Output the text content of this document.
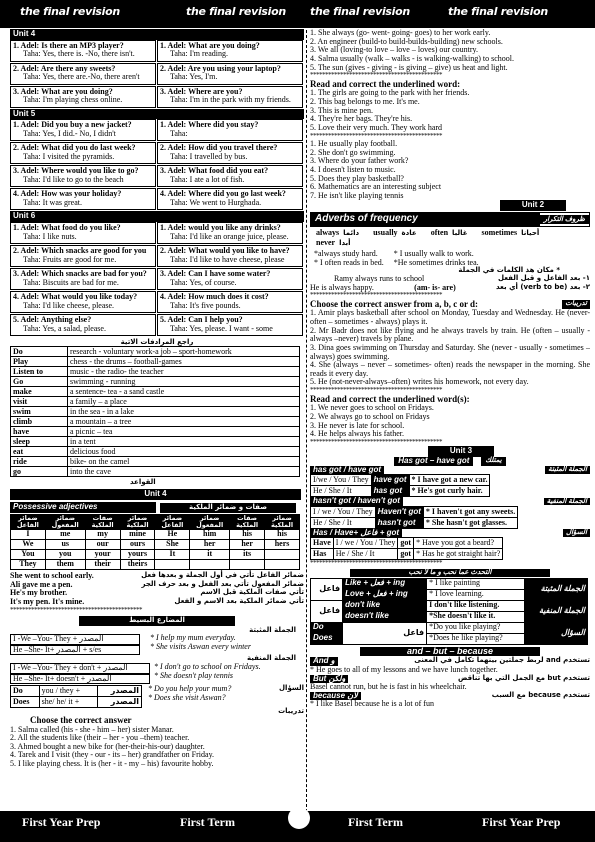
the final revision	the final revision the final revision	the final revision
Unit 4
1. Adel: Is there an MP3 player?
Taha: Yes, there is. -No, there isn't.
1. Adel: What are you doing?
Taha: I'm reading.
2. Adel: Are there any sweets?
Taha: Yes, there are.-No, there aren't
2. Adel: Are you using your laptop?
Taha: Yes, I'm.
3. Adel: What are you doing?
Taha: I'm playing chess online.
3. Adel: Where are you?
Taha: I'm in the park with my friends.
Unit 5
1. Adel: Did you buy a new jacket?
Taha: Yes, I did.- No, I didn't
1. Adel: Where did you stay?
Taha:
2. Adel: What did you do last week?
Taha: I visited the pyramids.
2. Adel: How did you travel there?
Taha: I travelled by bus.
3. Adel: Where would you like to go?
Taha: I'd like to go to the beach
3. Adel: What food did you eat?
Taha: I ate a lot of fish.
4. Adel: How was your holiday?
Taha: It was great.
4. Adel: Where did you go last week?
Taha: We went to Hurghada.
Unit 6
1. Adel: What food do you like?
Taha: I like nuts.
1. Adel: would you like any drinks?
Taha: I'd like an orange juice, please.
2. Adel: Which snacks are good for you
Taha: Fruits are good for me.
2. Adel: What would you like to have?
Taha: I'd like to have cheese, please
3. Adel: Which snacks are bad for you?
Taha: Biscuits are bad for me.
3. Adel: Can I have some water?
Taha: Yes, of course.
4. Adel: What would you like today?
Taha: I'd like cheese, please.
4. Adel: How much does it cost?
Taha: It's five pounds.
5. Adel: Anything else?
Taha: Yes, a salad, please.
5. Adel: Can I help you?
Taha: Yes, please. I want - some
راجع المرادفات الاتية
Do	research - voluntary work-a job – sport-homework
Play	chess - the drums – football-games
Listen to	music - the radio- the teacher
Go	swimming - running
make	a sentence- tea - a sand castle
visit	a family – a place
swim	in the sea - in a lake
climb	a mountain – a tree
have	a picnic – tea
sleep	in a tent
eat	delicious food
ride	bike- on the camel
go	into the cave
القواعد
Unit 4
Possessive adjectives	صفات و ضمائر الملكية
ضمائر الفاعل	ضمائر المفعول	صفات الملكية	ضمائر الملكية	ضمائر الفاعل	ضمائر المفعول	صفات الملكية	ضمائر الملكية
I	me	my	mine	He	him	his	his
We	us	our	ours	She	her	her	hers
You	you	your	yours	It	it	its	
They	them	their	theirs				
She went to school early.	ضمائر الفاعل تأتي في أول الجملة و بعدها فعل
Ali gave me a pen.	ضمائر المفعول تأتي بعد الفعل و بعد حرف الجر
He's my brother.	تأتي صفات الملكية قبل الاسم
It's my pen. It's mine.	تأتي ضمائر الملكية بعد الاسم و الفعل
********************************************
المضارع البسيط
الجملة المثبتة
I -We –You- They + المصدر
He –She- It+ المصدر + s/es
* I help my mum everyday.
* She visits Aswan every winter
الجملة المنفية
I -We –You- They + don't + المصدر
He –She- It+ doesn't + المصدر
* I don't go to school on Fridays.
* She doesn't play tennis
Do	you / they +	المصدر
Does	she/ he/ it +	المصدر
* Do you help your mum?
* Does she visit Aswan?
السؤال
تدريبات
Choose the correct answer
1. Salma called (his - she - him – her) sister Manar.
2. All the students like (their – her - you –them) teacher.
3. Ahmed bought a new bike for (her-their-his-our) daughter.
4. Tarek and I visit (they - our - its – her) grandfather on Friday.
5. I like playing chess. It is (her - it - my – his) favourite hobby.
1. She always (go- went- going- goes) to her work early.
2. An engineer (build-to build-builds-building) new schools.
3. We all (loving-to love – love – loves) our country.
4. Salma usually (walk – walks - is walking-walking) to school.
5. The sun (gives - giving - is giving – give) us heat and light.
********************************************
Read and correct the underlined word:
1. The girls are going to the park with her friends.
2. This bag belongs to me. It's me.
3. This is mine pen.
4. They're her bags. They're his.
5. Love their very much. They work hard
********************************************
1. He usually play football.
2. She don't go swimming.
3. Where do your father work?
4. I doesn't listen to music.
5. Does they play basketball?
6. Mathematics are an interesting subject
7. He isn't like playing tennis
Unit 2
Adverbs of frequency	ظروف التكرار
always دائما usually عادة often غالبا sometimes أحيانا
never أبدا
*always study hard.
* I often reads in bed.
* I usually walk to work.
*He sometimes drinks tea.
* مكان هذ الكلمات في الجملة
Ramy always runs to school	١- بعد الفاعل و قبل الفعل
He is always happy.	(am- is- are)	٢- بعد (verb to be) أي بعد
********************************************
Choose the correct answer from a, b, c or d:	تدريبات
1. Amir plays basketball after school on Monday, Tuesday and Wednesday. He (never- often – sometimes - always) plays it.
2. Mr Badr does not like flying and he always travels by train. He (often – usually - always –never) travels by plane.
3. Dina goes swimming on Thursday and Saturday. She (never - usually - sometimes – always) goes swimming.
4. She (always – never – sometimes- often) reads the newspaper in the morning. She reads it every day.
5. He (not-never-always–often) writes his homework, not every day.
********************************************
Read and correct the underlined word(s):
1. We never goes to school on Fridays.
2. We always go to school on Fridays
3. He never is late for school.
4. He helps always his father.
********************************************
Unit 3
Has got – have got	يمتلك
has got / have got	الجملة المثبتة
I/we / You / They	have got	* I have got a new car.
He / She / It	has got	* He's got curly hair.
hasn't got / haven't got	الجملة المنفية
I / we / You / They	Haven't got	* I haven't got any sweets.
He / She / It	hasn't got	* She hasn't got glasses.
Has / Have+ فاعل + got	السؤال
Have	I / we / You / They	got	* Have you got a beard?
Has	He / She / It	got	* Has he got straight hair?
********************************************
التحدث عما نحب و ما لا نحب
فاعل	Like + فعل + ing	* I like painting	الجملة المثبتة
	Love + فعل + ing	* I love learning.	
فاعل	don't like	I don't like listening.	الجملة المنفية
	doesn't like	*She doesn't like it.	
Do	فاعل	*Do you like playing?	السؤال
Does		*Does he like playing?	
and – but – because
And و	تستخدم and لربط جملتين بينهما تكامل في المعنى
* He goes to all of my lessons and we have lunch together.
But ولكن	تستخدم but مع الجمل التي بها تناقض
Basel cannot run, but he is fast in his wheelchair.
because لان	تستخدم because مع السبب
* I like Basel because he is a lot of fun
First Year Prep	First Term	First Term	First Year Prep
